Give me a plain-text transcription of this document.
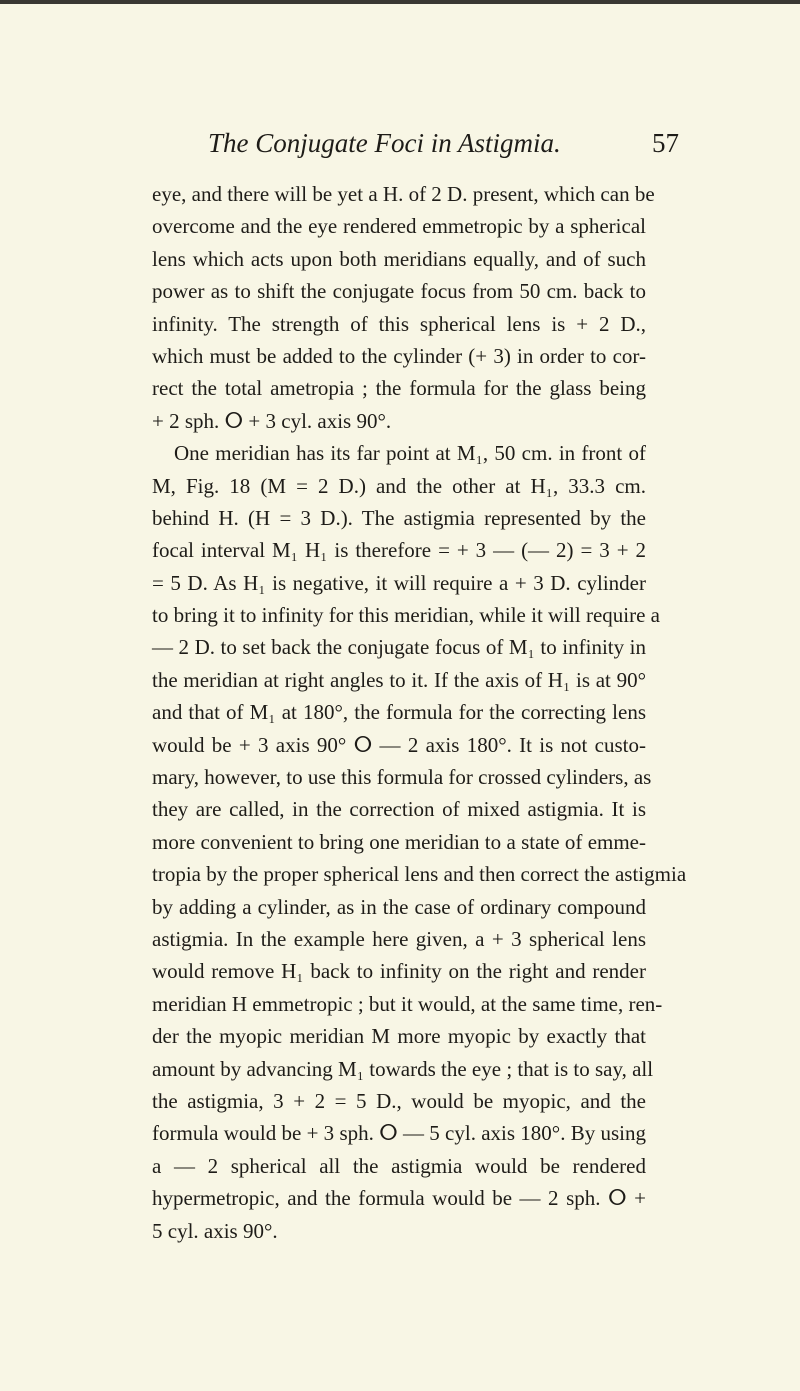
The Conjugate Foci in Astigmia.	57
eye, and there will be yet a H. of 2 D. present, which can be
overcome and the eye rendered emmetropic by a spherical
lens which acts upon both meridians equally, and of such
power as to shift the conjugate focus from 50 cm. back to
infinity. The strength of this spherical lens is + 2 D.,
which must be added to the cylinder (+ 3) in order to cor-
rect the total ametropia ; the formula for the glass being
+ 2 sph. ⵔ + 3 cyl. axis 90°.
One meridian has its far point at M₁, 50 cm. in front of
M, Fig. 18 (M = 2 D.) and the other at H₁, 33.3 cm.
behind H. (H = 3 D.). The astigmia represented by the
focal interval M₁ H₁ is therefore = + 3 — (— 2) = 3 + 2
= 5 D. As H₁ is negative, it will require a + 3 D. cylinder
to bring it to infinity for this meridian, while it will require a
— 2 D. to set back the conjugate focus of M₁ to infinity in
the meridian at right angles to it. If the axis of H₁ is at 90°
and that of M₁ at 180°, the formula for the correcting lens
would be + 3 axis 90° ⵔ — 2 axis 180°. It is not custo-
mary, however, to use this formula for crossed cylinders, as
they are called, in the correction of mixed astigmia. It is
more convenient to bring one meridian to a state of emme-
tropia by the proper spherical lens and then correct the astigmia
by adding a cylinder, as in the case of ordinary compound
astigmia. In the example here given, a + 3 spherical lens
would remove H₁ back to infinity on the right and render
meridian H emmetropic ; but it would, at the same time, ren-
der the myopic meridian M more myopic by exactly that
amount by advancing M₁ towards the eye ; that is to say, all
the astigmia, 3 + 2 = 5 D., would be myopic, and the
formula would be + 3 sph. ⵔ — 5 cyl. axis 180°. By using
a — 2 spherical all the astigmia would be rendered
hypermetropic, and the formula would be — 2 sph. ⵔ +
5 cyl. axis 90°.
